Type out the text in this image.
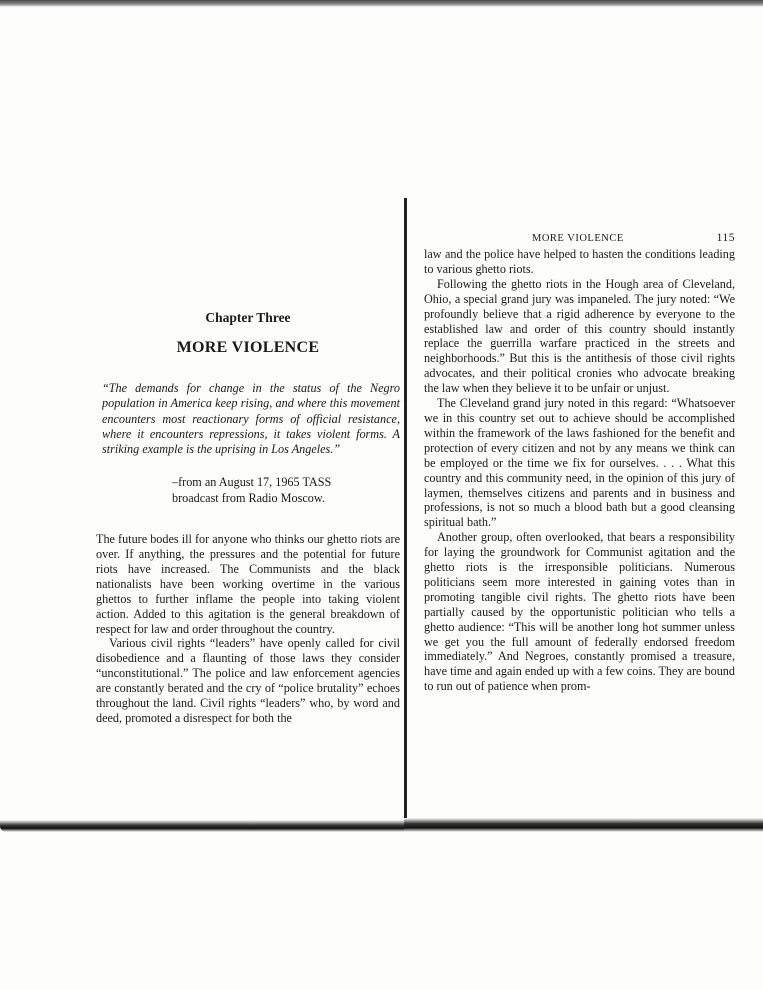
Chapter Three
MORE VIOLENCE
“The demands for change in the status of the Negro population in America keep rising, and where this movement encounters most reactionary forms of official resistance, where it encounters repressions, it takes violent forms. A striking example is the uprising in Los Angeles.”
–from an August 17, 1965 TASS
broadcast from Radio Moscow.

The future bodes ill for anyone who thinks our ghetto riots are over. If anything, the pressures and the potential for future riots have increased. The Communists and the black nationalists have been working overtime in the various ghettos to further inflame the people into taking violent action. Added to this agitation is the general breakdown of respect for law and order throughout the country.

Various civil rights “leaders” have openly called for civil disobedience and a flaunting of those laws they consider “unconstitutional.” The police and law enforcement agencies are constantly berated and the cry of “police brutality” echoes throughout the land. Civil rights “leaders” who, by word and deed, promoted a disrespect for both the

MORE VIOLENCE	115

law and the police have helped to hasten the conditions leading to various ghetto riots.

Following the ghetto riots in the Hough area of Cleveland, Ohio, a special grand jury was impaneled. The jury noted: “We profoundly believe that a rigid adherence by everyone to the established law and order of this country should instantly replace the guerrilla warfare practiced in the streets and neighborhoods.” But this is the antithesis of those civil rights advocates, and their political cronies who advocate breaking the law when they believe it to be unfair or unjust.

The Cleveland grand jury noted in this regard: “Whatsoever we in this country set out to achieve should be accomplished within the framework of the laws fashioned for the benefit and protection of every citizen and not by any means we think can be employed or the time we fix for ourselves. . . . What this country and this community need, in the opinion of this jury of laymen, themselves citizens and parents and in business and professions, is not so much a blood bath but a good cleansing spiritual bath.”

Another group, often overlooked, that bears a responsibility for laying the groundwork for Communist agitation and the ghetto riots is the irresponsible politicians. Numerous politicians seem more interested in gaining votes than in promoting tangible civil rights. The ghetto riots have been partially caused by the opportunistic politician who tells a ghetto audience: “This will be another long hot summer unless we get you the full amount of federally endorsed freedom immediately.” And Negroes, constantly promised a treasure, have time and again ended up with a few coins. They are bound to run out of patience when prom-
